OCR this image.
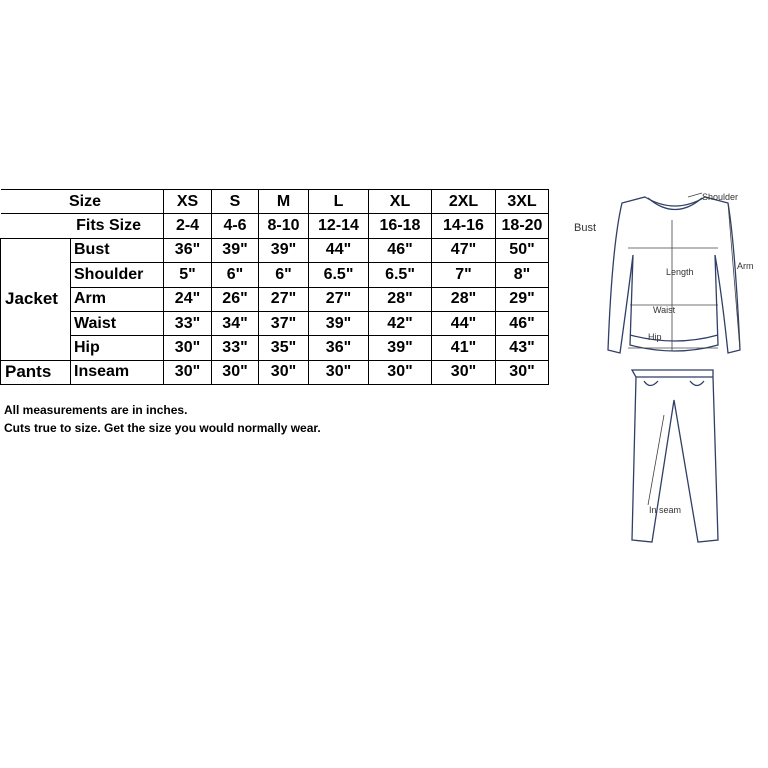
Size		XS	S	M	L	XL	2XL	3XL
Fits Size		2-4	4-6	8-10	12-14	16-18	14-16	18-20
Jacket	Bust	36"	39"	39"	44"	46"	47"	50"
	Shoulder	5"	6"	6"	6.5"	6.5"	7"	8"
	Arm	24"	26"	27"	27"	28"	28"	29"
	Waist	33"	34"	37"	39"	42"	44"	46"
	Hip	30"	33"	35"	36"	39"	41"	43"
Pants	Inseam	30"	30"	30"	30"	30"	30"	30"
All measurements are in inches.
Cuts true to size. Get the size you would normally wear.
Shoulder
Bust
Arm
Length
Waist
Hip
In seam
